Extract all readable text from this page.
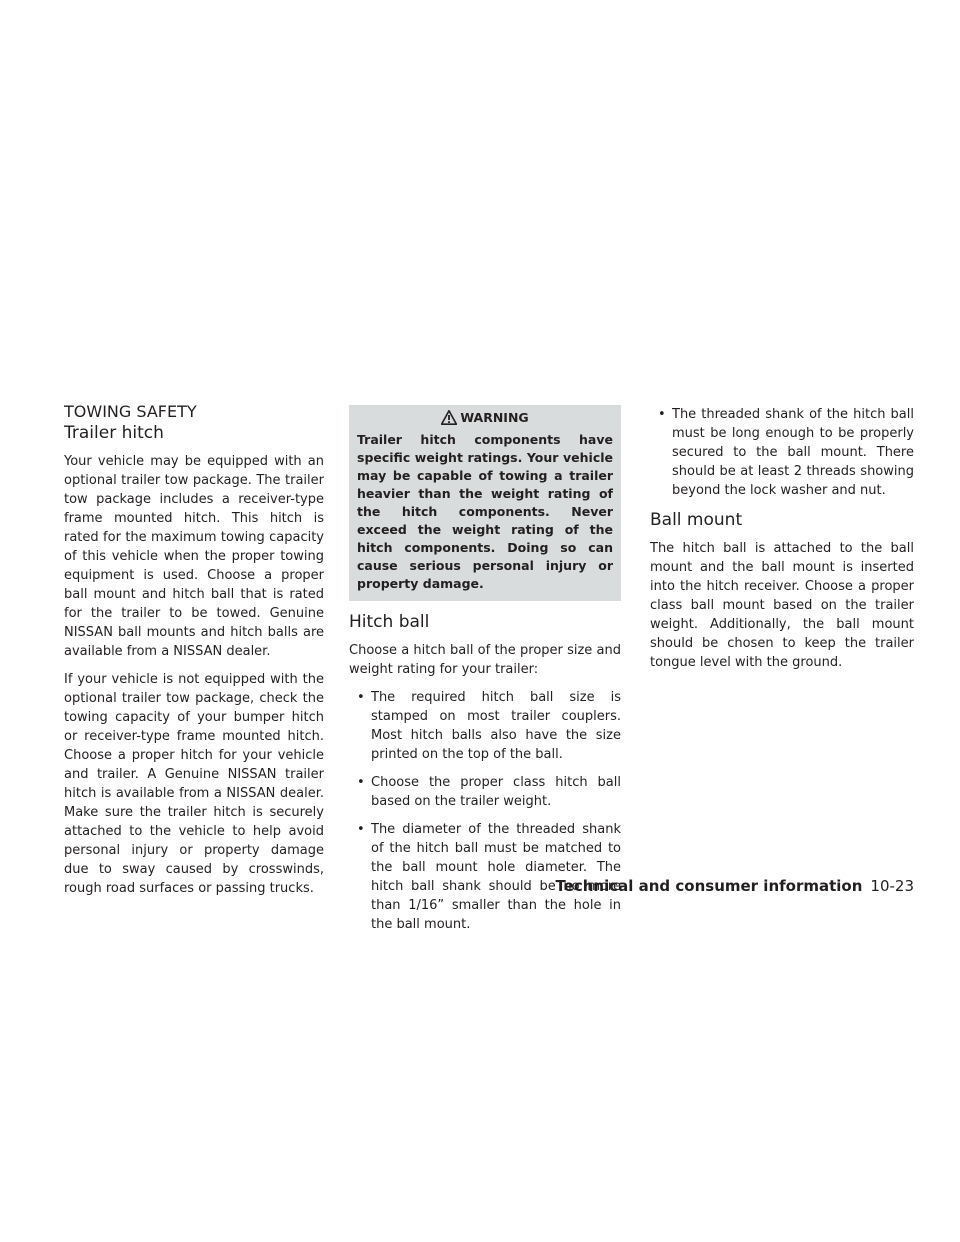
TOWING SAFETY
Trailer hitch

Your vehicle may be equipped with an optional trailer tow package. The trailer tow package includes a receiver-type frame mounted hitch. This hitch is rated for the maximum towing capacity of this vehicle when the proper towing equipment is used. Choose a proper ball mount and hitch ball that is rated for the trailer to be towed. Genuine NISSAN ball mounts and hitch balls are available from a NISSAN dealer.

If your vehicle is not equipped with the optional trailer tow package, check the towing capacity of your bumper hitch or receiver-type frame mounted hitch. Choose a proper hitch for your vehicle and trailer. A Genuine NISSAN trailer hitch is available from a NISSAN dealer. Make sure the trailer hitch is securely attached to the vehicle to help avoid personal injury or property damage due to sway caused by crosswinds, rough road surfaces or passing trucks.

WARNING

Trailer hitch components have specific weight ratings. Your vehicle may be capable of towing a trailer heavier than the weight rating of the hitch components. Never exceed the weight rating of the hitch components. Doing so can cause serious personal injury or property damage.

Hitch ball

Choose a hitch ball of the proper size and weight rating for your trailer:

• The required hitch ball size is stamped on most trailer couplers. Most hitch balls also have the size printed on the top of the ball.
• Choose the proper class hitch ball based on the trailer weight.
• The diameter of the threaded shank of the hitch ball must be matched to the ball mount hole diameter. The hitch ball shank should be no more than 1/16” smaller than the hole in the ball mount.
• The threaded shank of the hitch ball must be long enough to be properly secured to the ball mount. There should be at least 2 threads showing beyond the lock washer and nut.
Ball mount

The hitch ball is attached to the ball mount and the ball mount is inserted into the hitch receiver. Choose a proper class ball mount based on the trailer weight. Additionally, the ball mount should be chosen to keep the trailer tongue level with the ground.

Technical and consumer information 10-23
